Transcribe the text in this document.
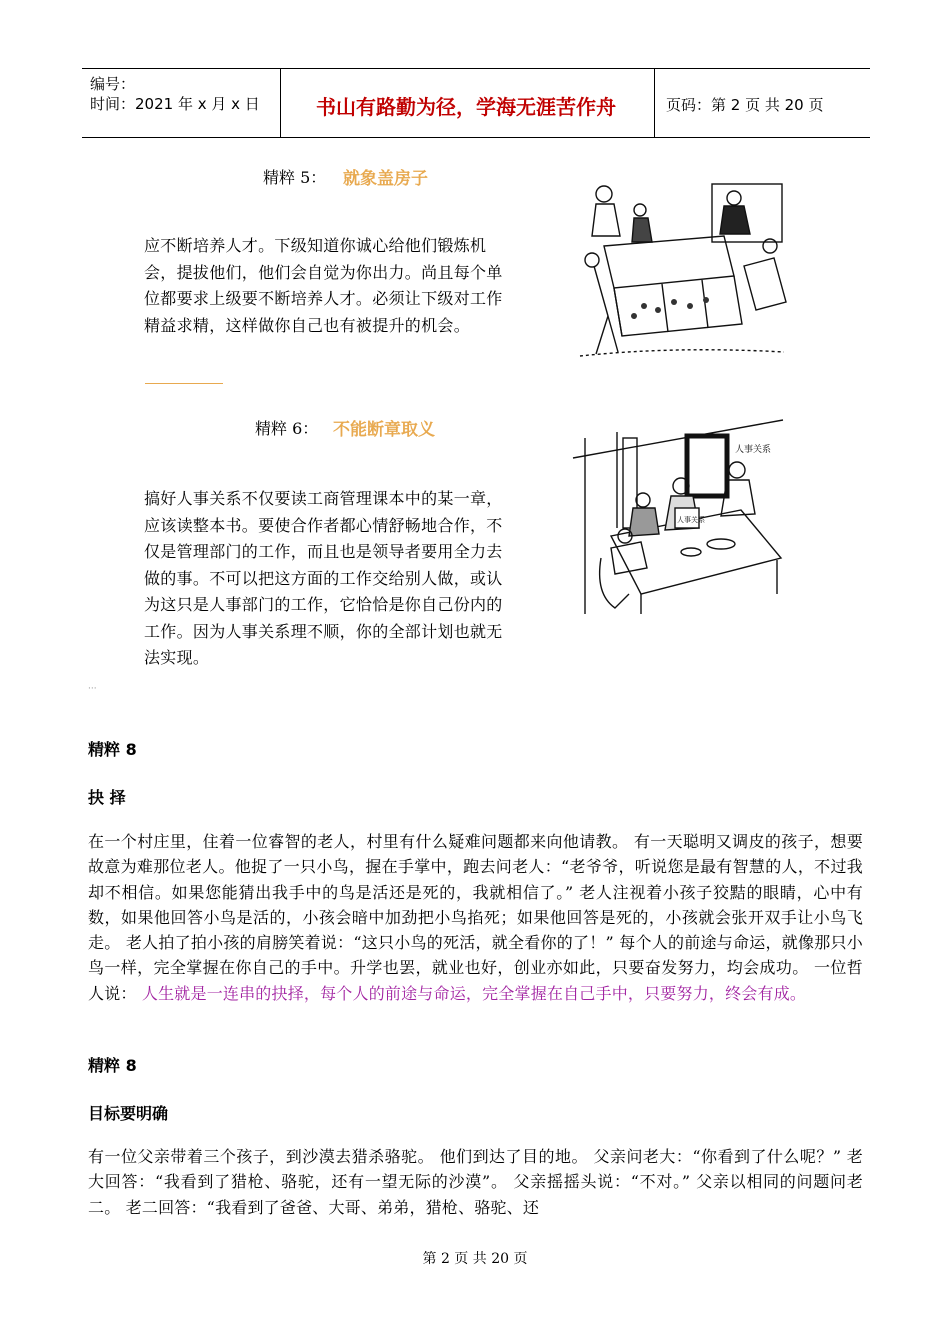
编号：
时间：2021 年 x 月 x 日	书山有路勤为径，学海无涯苦作舟	页码：第 2 页 共 20 页
精粹 5： 就象盖房子
应不断培养人才。下级知道你诚心给他们锻炼机
会，提拔他们，他们会自觉为你出力。尚且每个单
位都要求上级要不断培养人才。必须让下级对工作
精益求精，这样做你自己也有被提升的机会。
精粹 6： 不能断章取义
搞好人事关系不仅要读工商管理课本中的某一章，
应该读整本书。要使合作者都心情舒畅地合作，不
仅是管理部门的工作，而且也是领导者要用全力去
做的事。不可以把这方面的工作交给别人做，或认
为这只是人事部门的工作，它恰恰是你自己份内的
工作。因为人事关系理不顺，你的全部计划也就无
法实现。
人事关系
人事关系
···
精粹 8
抉 择
在一个村庄里，住着一位睿智的老人，村里有什么疑难问题都来向他请教。 有一天聪明又调皮的孩子，想要故意为难那位老人。他捉了一只小鸟，握在手掌中，跑去问老人：“老爷爷，听说您是最有智慧的人，不过我却不相信。如果您能猜出我手中的鸟是活还是死的，我就相信了。” 老人注视着小孩子狡黠的眼睛，心中有数，如果他回答小鸟是活的，小孩会暗中加劲把小鸟掐死；如果他回答是死的，小孩就会张开双手让小鸟飞走。 老人拍了拍小孩的肩膀笑着说：“这只小鸟的死活，就全看你的了！” 每个人的前途与命运，就像那只小鸟一样，完全掌握在你自己的手中。升学也罢，就业也好，创业亦如此，只要奋发努力，均会成功。 一位哲人说： 人生就是一连串的抉择，每个人的前途与命运，完全掌握在自己手中，只要努力，终会有成。
精粹 8
目标要明确
有一位父亲带着三个孩子，到沙漠去猎杀骆驼。 他们到达了目的地。 父亲问老大：“你看到了什么呢？” 老大回答：“我看到了猎枪、骆驼，还有一望无际的沙漠”。 父亲摇摇头说：“不对。” 父亲以相同的问题问老二。 老二回答：“我看到了爸爸、大哥、弟弟，猎枪、骆驼、还
第 2 页 共 20 页
